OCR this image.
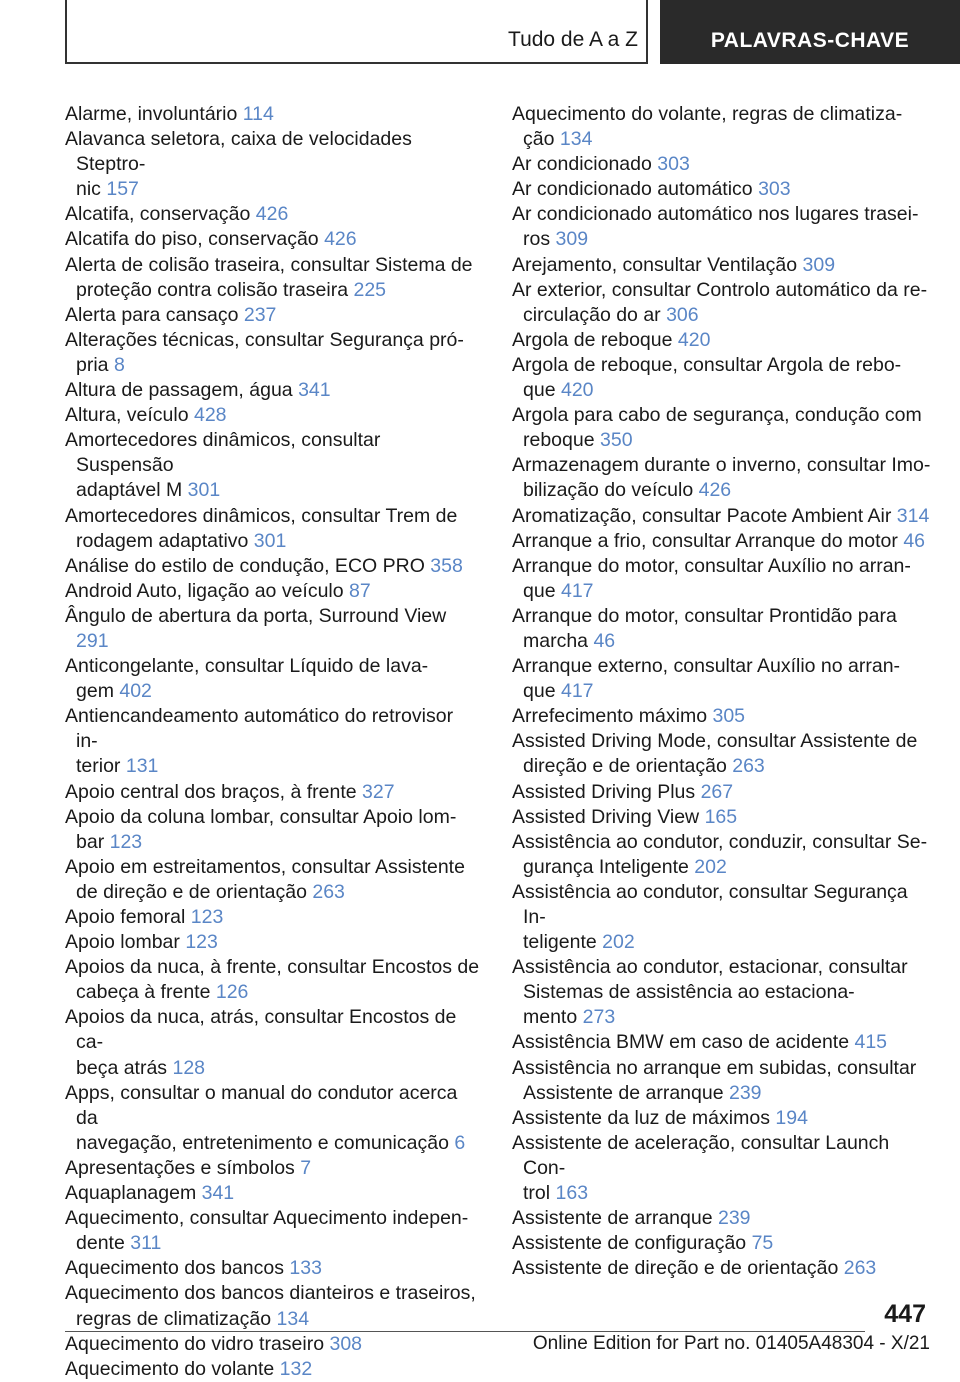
Tudo de A a Z	PALAVRAS-CHAVE
Alarme, involuntário 114
Alavanca seletora, caixa de velocidades Steptro-
nic 157
Alcatifa, conservação 426
Alcatifa do piso, conservação 426
Alerta de colisão traseira, consultar Sistema de
proteção contra colisão traseira 225
Alerta para cansaço 237
Alterações técnicas, consultar Segurança pró-
pria 8
Altura de passagem, água 341
Altura, veículo 428
Amortecedores dinâmicos, consultar Suspensão
adaptável M 301
Amortecedores dinâmicos, consultar Trem de
rodagem adaptativo 301
Análise do estilo de condução, ECO PRO 358
Android Auto, ligação ao veículo 87
Ângulo de abertura da porta, Surround View 291
Anticongelante, consultar Líquido de lava-
gem 402
Antiencandeamento automático do retrovisor in-
terior 131
Apoio central dos braços, à frente 327
Apoio da coluna lombar, consultar Apoio lom-
bar 123
Apoio em estreitamentos, consultar Assistente
de direção e de orientação 263
Apoio femoral 123
Apoio lombar 123
Apoios da nuca, à frente, consultar Encostos de
cabeça à frente 126
Apoios da nuca, atrás, consultar Encostos de ca-
beça atrás 128
Apps, consultar o manual do condutor acerca da
navegação, entretenimento e comunicação 6
Apresentações e símbolos 7
Aquaplanagem 341
Aquecimento, consultar Aquecimento indepen-
dente 311
Aquecimento dos bancos 133
Aquecimento dos bancos dianteiros e traseiros,
regras de climatização 134
Aquecimento do vidro traseiro 308
Aquecimento do volante 132
Aquecimento do volante, regras de climatiza-
ção 134
Ar condicionado 303
Ar condicionado automático 303
Ar condicionado automático nos lugares trasei-
ros 309
Arejamento, consultar Ventilação 309
Ar exterior, consultar Controlo automático da re-
circulação do ar 306
Argola de reboque 420
Argola de reboque, consultar Argola de rebo-
que 420
Argola para cabo de segurança, condução com
reboque 350
Armazenagem durante o inverno, consultar Imo-
bilização do veículo 426
Aromatização, consultar Pacote Ambient Air 314
Arranque a frio, consultar Arranque do motor 46
Arranque do motor, consultar Auxílio no arran-
que 417
Arranque do motor, consultar Prontidão para
marcha 46
Arranque externo, consultar Auxílio no arran-
que 417
Arrefecimento máximo 305
Assisted Driving Mode, consultar Assistente de
direção e de orientação 263
Assisted Driving Plus 267
Assisted Driving View 165
Assistência ao condutor, conduzir, consultar Se-
gurança Inteligente 202
Assistência ao condutor, consultar Segurança In-
teligente 202
Assistência ao condutor, estacionar, consultar
Sistemas de assistência ao estaciona-
mento 273
Assistência BMW em caso de acidente 415
Assistência no arranque em subidas, consultar
Assistente de arranque 239
Assistente da luz de máximos 194
Assistente de aceleração, consultar Launch Con-
trol 163
Assistente de arranque 239
Assistente de configuração 75
Assistente de direção e de orientação 263
447
Online Edition for Part no. 01405A48304 - X/21
